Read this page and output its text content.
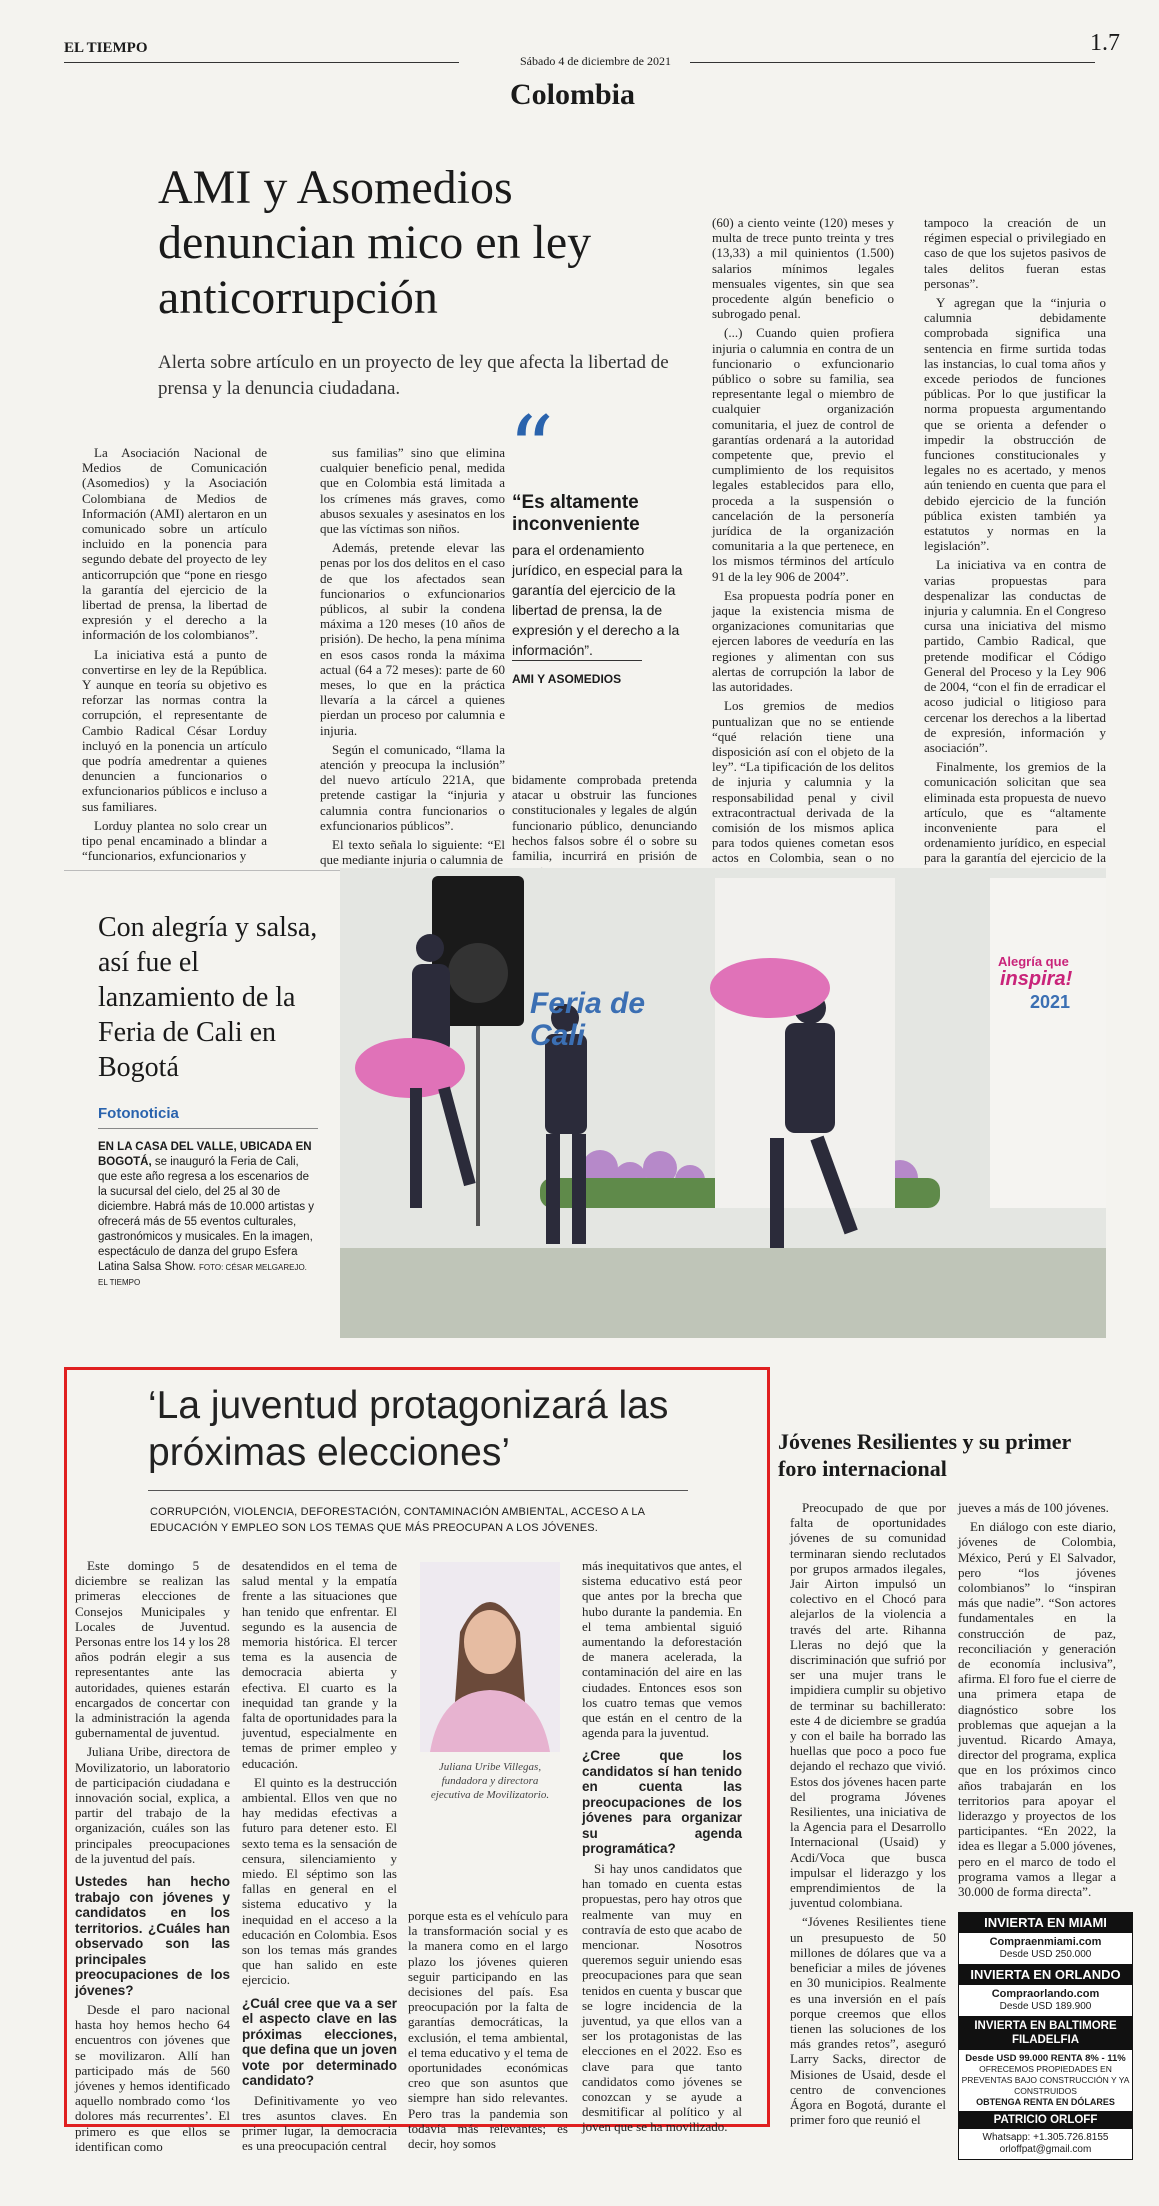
EL TIEMPO
Sábado 4 de diciembre de 2021
1.7
Colombia
AMI y Asomedios denuncian mico en ley anticorrupción
Alerta sobre artículo en un proyecto de ley que afecta la libertad de prensa y la denuncia ciudadana.

La Asociación Nacional de Medios de Comunicación (Asomedios) y la Asociación Colombiana de Medios de Información (AMI) alertaron en un comunicado sobre un artículo incluido en la ponencia para segundo debate del proyecto de ley anticorrupción que “pone en riesgo la garantía del ejercicio de la libertad de prensa, la libertad de expresión y el derecho a la información de los colombianos”.

La iniciativa está a punto de convertirse en ley de la República. Y aunque en teoría su objetivo es reforzar las normas contra la corrupción, el representante de Cambio Radical César Lorduy incluyó en la ponencia un artículo que podría amedrentar a quienes denuncien a funcionarios o exfuncionarios públicos e incluso a sus familiares.

Lorduy plantea no solo crear un tipo penal encaminado a blindar a “funcionarios, exfuncionarios y

sus familias” sino que elimina cualquier beneficio penal, medida que en Colombia está limitada a los crímenes más graves, como abusos sexuales y asesinatos en los que las víctimas son niños.

Además, pretende elevar las penas por los dos delitos en el caso de que los afectados sean funcionarios o exfuncionarios públicos, al subir la condena máxima a 120 meses (10 años de prisión). De hecho, la pena mínima en esos casos ronda la máxima actual (64 a 72 meses): parte de 60 meses, lo que en la práctica llevaría a la cárcel a quienes pierdan un proceso por calumnia e injuria.

Según el comunicado, “llama la atención y preocupa la inclusión” del nuevo artículo 221A, que pretende castigar la “injuria y calumnia contra funcionarios o exfuncionarios públicos”.

El texto señala lo siguiente: “El que mediante injuria o calumnia de

“
“Es altamente inconveniente
para el ordenamiento jurídico, en especial para la garantía del ejercicio de la libertad de prensa, la de expresión y el derecho a la información”.
AMI Y ASOMEDIOS

bidamente comprobada pretenda atacar u obstruir las funciones constitucionales y legales de algún funcionario público, denunciando hechos falsos sobre él o sobre su familia, incurrirá en prisión de

(60) a ciento veinte (120) meses y multa de trece punto treinta y tres (13,33) a mil quinientos (1.500) salarios mínimos legales mensuales vigentes, sin que sea procedente algún beneficio o subrogado penal.

(...) Cuando quien profiera injuria o calumnia en contra de un funcionario o exfuncionario público o sobre su familia, sea representante legal o miembro de cualquier organización comunitaria, el juez de control de garantías ordenará a la autoridad competente que, previo el cumplimiento de los requisitos legales establecidos para ello, proceda a la suspensión o cancelación de la personería jurídica de la organización comunitaria a la que pertenece, en los mismos términos del artículo 91 de la ley 906 de 2004”.

Esa propuesta podría poner en jaque la existencia misma de organizaciones comunitarias que ejercen labores de veeduría en las regiones y alimentan con sus alertas de corrupción la labor de las autoridades.

Los gremios de medios puntualizan que no se entiende “qué relación tiene una disposición así con el objeto de la ley”. “La tipificación de los delitos de injuria y calumnia y la responsabilidad penal y civil extracontractual derivada de la comisión de los mismos aplica para todos quienes cometan esos actos en Colombia, sean o no

tampoco la creación de un régimen especial o privilegiado en caso de que los sujetos pasivos de tales delitos fueran estas personas”.

Y agregan que la “injuria o calumnia debidamente comprobada significa una sentencia en firme surtida todas las instancias, lo cual toma años y excede periodos de funciones públicas. Por lo que justificar la norma propuesta argumentando que se orienta a defender o impedir la obstrucción de funciones constitucionales y legales no es acertado, y menos aún teniendo en cuenta que para el debido ejercicio de la función pública existen también ya estatutos y normas en la legislación”.

La iniciativa va en contra de varias propuestas para despenalizar las conductas de injuria y calumnia. En el Congreso cursa una iniciativa del mismo partido, Cambio Radical, que pretende modificar el Código General del Proceso y la Ley 906 de 2004, “con el fin de erradicar el acoso judicial o litigioso para cercenar los derechos a la libertad de expresión, información y asociación”.

Finalmente, los gremios de la comunicación solicitan que sea eliminada esta propuesta de nuevo artículo, que es “altamente inconveniente para el ordenamiento jurídico, en especial para la garantía del ejercicio de la

Con alegría y salsa, así fue el lanzamiento de la Feria de Cali en Bogotá
Fotonoticia
EN LA CASA DEL VALLE, UBICADA EN BOGOTÁ, se inauguró la Feria de Cali, que este año regresa a los escenarios de la sucursal del cielo, del 25 al 30 de diciembre. Habrá más de 10.000 artistas y ofrecerá más de 55 eventos culturales, gastronómicos y musicales. En la imagen, espectáculo de danza del grupo Esfera Latina Salsa Show. FOTO: CÉSAR MELGAREJO. EL TIEMPO
Feria de Cali
Alegría que
inspira!
2021
‘La juventud protagonizará las próximas elecciones’
CORRUPCIÓN, VIOLENCIA, DEFORESTACIÓN, CONTAMINACIÓN AMBIENTAL, ACCESO A LA EDUCACIÓN Y EMPLEO SON LOS TEMAS QUE MÁS PREOCUPAN A LOS JÓVENES.

Este domingo 5 de diciembre se realizan las primeras elecciones de Consejos Municipales y Locales de Juventud. Personas entre los 14 y los 28 años podrán elegir a sus representantes ante las autoridades, quienes estarán encargados de concertar con la administración la agenda gubernamental de juventud.

Juliana Uribe, directora de Movilizatorio, un laboratorio de participación ciudadana e innovación social, explica, a partir del trabajo de la organización, cuáles son las principales preocupaciones de la juventud del país.

Ustedes han hecho trabajo con jóvenes y candidatos en los territorios. ¿Cuáles han observado son las principales preocupaciones de los jóvenes?

Desde el paro nacional hasta hoy hemos hecho 64 encuentros con jóvenes que se movilizaron. Allí han participado más de 560 jóvenes y hemos identificado aquello nombrado como ‘los dolores más recurrentes’. El primero es que ellos se identifican como

desatendidos en el tema de salud mental y la empatía frente a las situaciones que han tenido que enfrentar. El segundo es la ausencia de memoria histórica. El tercer tema es la ausencia de democracia abierta y efectiva. El cuarto es la inequidad tan grande y la falta de oportunidades para la juventud, especialmente en temas de primer empleo y educación.

El quinto es la destrucción ambiental. Ellos ven que no hay medidas efectivas a futuro para detener esto. El sexto tema es la sensación de censura, silenciamiento y miedo. El séptimo son las fallas en general en el sistema educativo y la inequidad en el acceso a la educación en Colombia. Esos son los temas más grandes que han salido en este ejercicio.

¿Cuál cree que va a ser el aspecto clave en las próximas elecciones, que defina que un joven vote por determinado candidato?

Definitivamente yo veo tres asuntos claves. En primer lugar, la democracia es una preocupación central

Juliana Uribe Villegas, fundadora y directora ejecutiva de Movilizatorio.

porque esta es el vehículo para la transformación social y es la manera como en el largo plazo los jóvenes quieren seguir participando en las decisiones del país. Esa preocupación por la falta de garantías democráticas, la exclusión, el tema ambiental, el tema educativo y el tema de oportunidades económicas creo que son asuntos que siempre han sido relevantes. Pero tras la pandemia son todavía más relevantes; es decir, hoy somos

más inequitativos que antes, el sistema educativo está peor que antes por la brecha que hubo durante la pandemia. En el tema ambiental siguió aumentando la deforestación de manera acelerada, la contaminación del aire en las ciudades. Entonces esos son los cuatro temas que vemos que están en el centro de la agenda para la juventud.

¿Cree que los candidatos sí han tenido en cuenta las preocupaciones de los jóvenes para organizar su agenda programática?

Si hay unos candidatos que han tomado en cuenta estas propuestas, pero hay otros que realmente van muy en contravía de esto que acabo de mencionar. Nosotros queremos seguir uniendo esas preocupaciones para que sean tenidos en cuenta y buscar que se logre incidencia de la juventud, ya que ellos van a ser los protagonistas de las elecciones en el 2022. Eso es clave para que tanto candidatos como jóvenes se conozcan y se ayude a desmitificar al político y al joven que se ha movilizado.

Jóvenes Resilientes y su primer foro internacional

Preocupado de que por falta de oportunidades jóvenes de su comunidad terminaran siendo reclutados por grupos armados ilegales, Jair Airton impulsó un colectivo en el Chocó para alejarlos de la violencia a través del arte. Rihanna Lleras no dejó que la discriminación que sufrió por ser una mujer trans le impidiera cumplir su objetivo de terminar su bachillerato: este 4 de diciembre se gradúa y con el baile ha borrado las huellas que poco a poco fue dejando el rechazo que vivió. Estos dos jóvenes hacen parte del programa Jóvenes Resilientes, una iniciativa de la Agencia para el Desarrollo Internacional (Usaid) y Acdi/Voca que busca impulsar el liderazgo y los emprendimientos de la juventud colombiana.

“Jóvenes Resilientes tiene un presupuesto de 50 millones de dólares que va a beneficiar a miles de jóvenes en 30 municipios. Realmente es una inversión en el país porque creemos que ellos tienen las soluciones de los más grandes retos”, aseguró Larry Sacks, director de Misiones de Usaid, desde el centro de convenciones Ágora en Bogotá, durante el primer foro que reunió el

jueves a más de 100 jóvenes.

En diálogo con este diario, jóvenes de Colombia, México, Perú y El Salvador, pero “los jóvenes colombianos” lo “inspiran más que nadie”. “Son actores fundamentales en la construcción de paz, reconciliación y generación de economía inclusiva”, afirma. El foro fue el cierre de una primera etapa de diagnóstico sobre los problemas que aquejan a la juventud. Ricardo Amaya, director del programa, explica que en los próximos cinco años trabajarán en los territorios para apoyar el liderazgo y proyectos de los participantes. “En 2022, la idea es llegar a 5.000 jóvenes, pero en el marco de todo el programa vamos a llegar a 30.000 de forma directa”.

INVIERTA EN MIAMI
Compraenmiami.com
Desde USD 250.000
INVIERTA EN ORLANDO
Compraorlando.com
Desde USD 189.900
INVIERTA EN BALTIMORE FILADELFIA
Desde USD 99.000 RENTA 8% - 11%
OFRECEMOS PROPIEDADES EN PREVENTAS BAJO CONSTRUCCIÓN Y YA CONSTRUIDOS
OBTENGA RENTA EN DÓLARES
PATRICIO ORLOFF
Whatsapp: +1.305.726.8155
orloffpat@gmail.com
